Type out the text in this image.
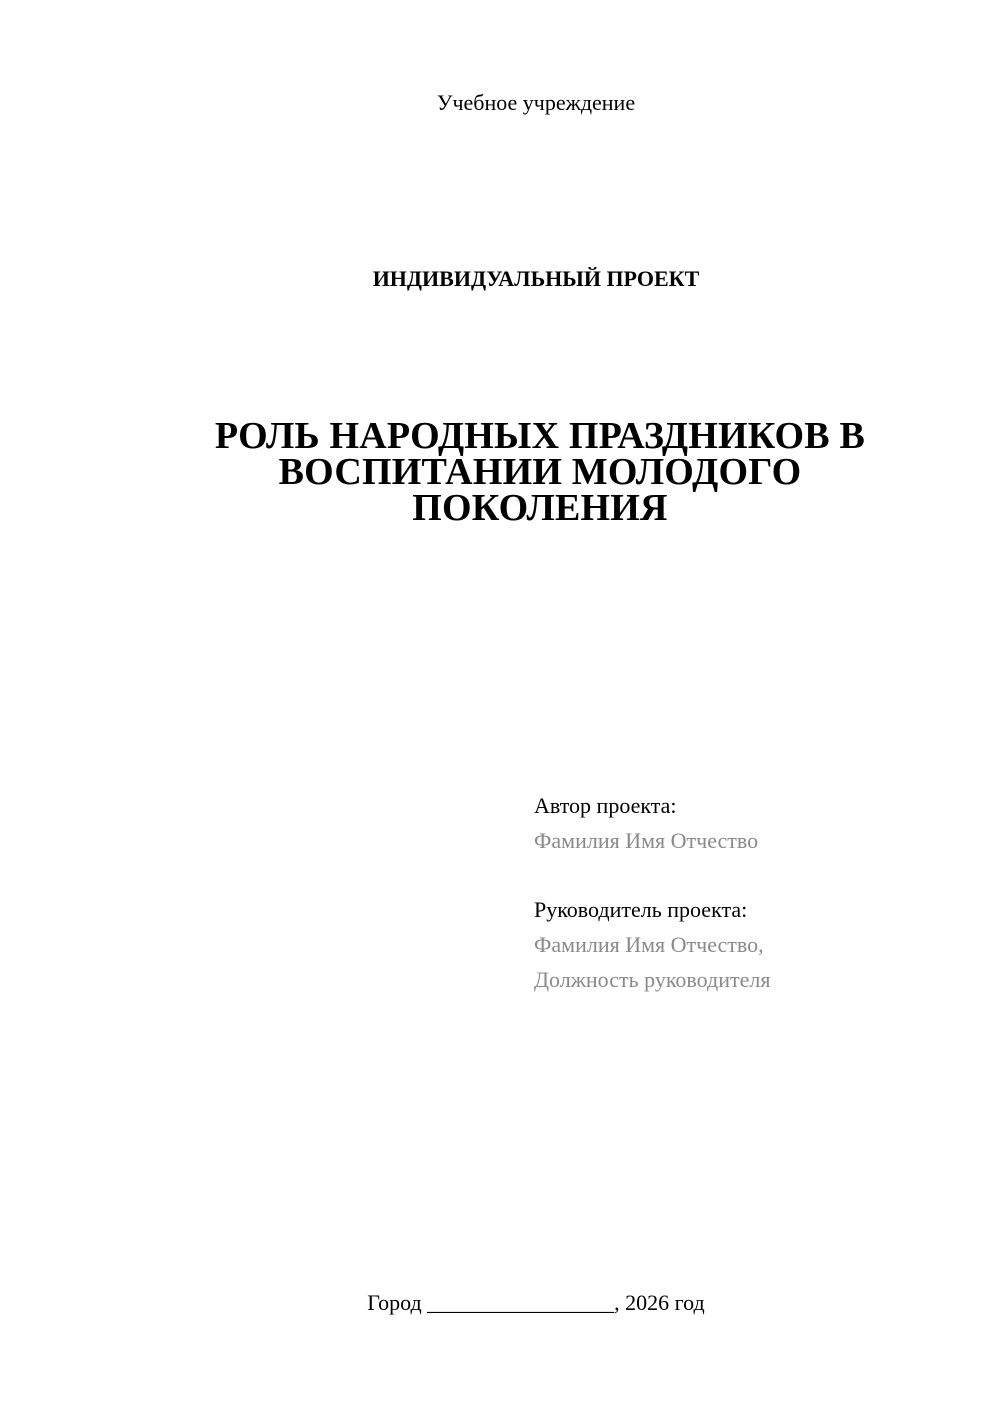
Учебное учреждение
ИНДИВИДУАЛЬНЫЙ ПРОЕКТ
РОЛЬ НАРОДНЫХ ПРАЗДНИКОВ В
ВОСПИТАНИИ МОЛОДОГО
ПОКОЛЕНИЯ
Автор проекта:
Фамилия Имя Отчество
Руководитель проекта:
Фамилия Имя Отчество,
Должность руководителя
Город _________________, 2026 год
